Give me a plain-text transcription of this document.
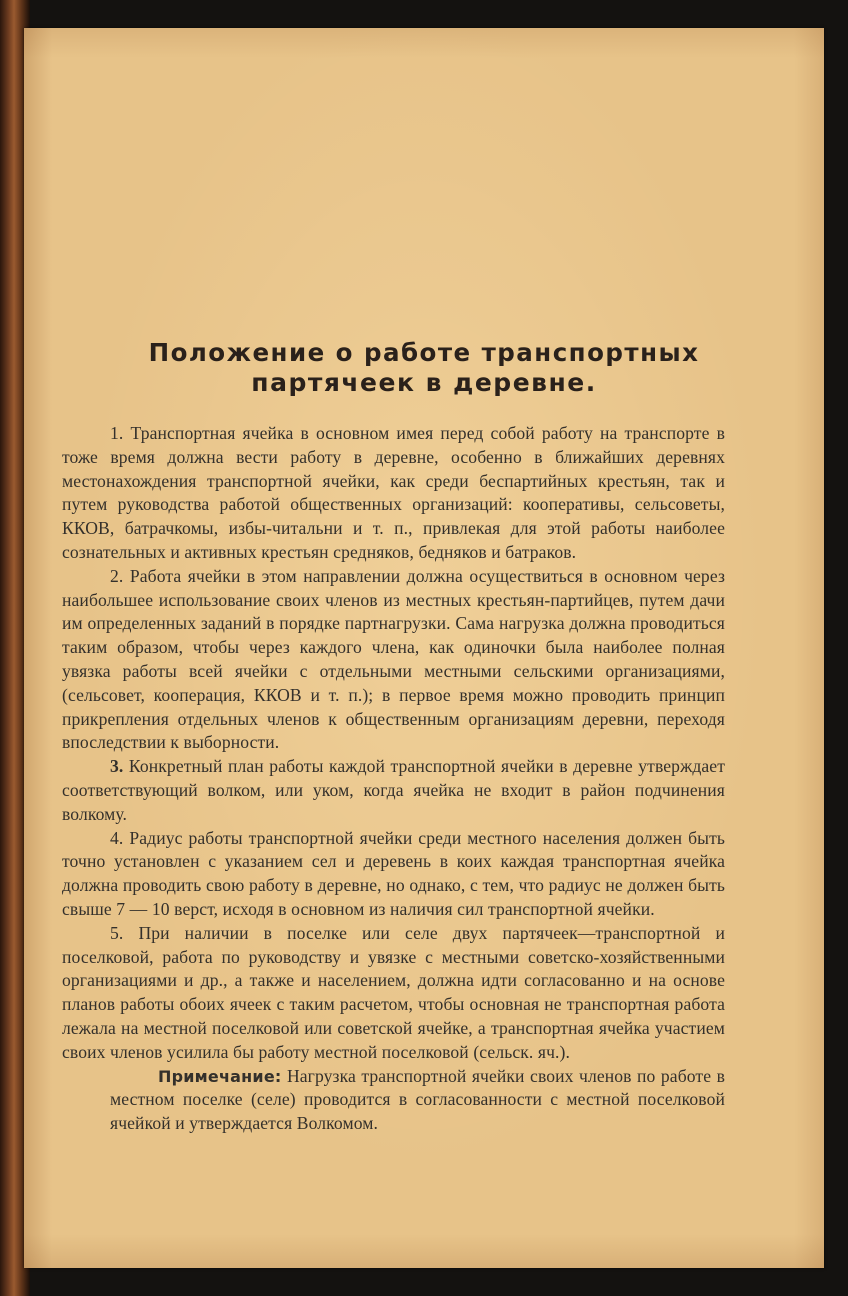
Положение о работе транспортных
партячеек в деревне.

1. Транспортная ячейка в основном имея перед собой работу на транспорте в тоже время должна вести работу в деревне, особенно в ближайших деревнях местонахождения транспортной ячейки, как среди беспартийных крестьян, так и путем руководства работой общественных организаций: кооперативы, сельсоветы, ККОВ, батрачкомы, избы-читальни и т. п., привлекая для этой работы наиболее сознательных и активных крестьян средняков, бедняков и батраков.

2. Работа ячейки в этом направлении должна осуществиться в основном через наибольшее использование своих членов из местных крестьян-партийцев, путем дачи им определенных заданий в порядке партнагрузки. Сама нагрузка должна проводиться таким образом, чтобы через каждого члена, как одиночки была наиболее полная увязка работы всей ячейки с отдельными местными сельскими организациями, (сельсовет, кооперация, ККОВ и т. п.); в первое время можно проводить принцип прикрепления отдельных членов к общественным организациям деревни, переходя впоследствии к выборности.

3. Конкретный план работы каждой транспортной ячейки в деревне утверждает соответствующий волком, или уком, когда ячейка не входит в район подчинения волкому.

4. Радиус работы транспортной ячейки среди местного населения должен быть точно установлен с указанием сел и деревень в коих каждая транспортная ячейка должна проводить свою работу в деревне, но однако, с тем, что радиус не должен быть свыше 7 — 10 верст, исходя в основном из наличия сил транспортной ячейки.

5. При наличии в поселке или селе двух партячеек—транспортной и поселковой, работа по руководству и увязке с местными советско-хозяйственными организациями и др., а также и населением, должна идти согласованно и на основе планов работы обоих ячеек с таким расчетом, чтобы основная не транспортная работа лежала на местной поселковой или советской ячейке, а транспортная ячейка участием своих членов усилила бы работу местной поселковой (сельск. яч.).

Примечание: Нагрузка транспортной ячейки своих членов по работе в местном поселке (селе) проводится в согласованности с местной поселковой ячейкой и утверждается Волкомом.
